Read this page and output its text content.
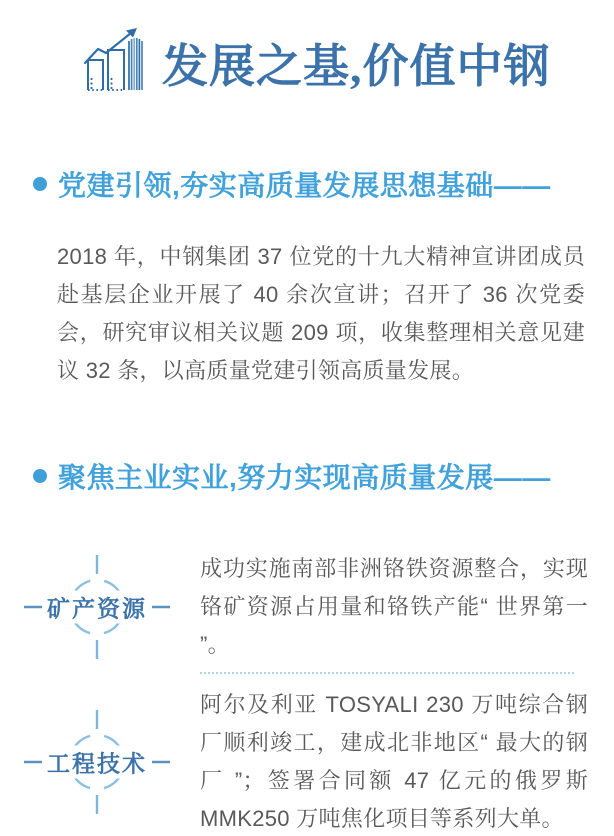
发展之基,价值中钢
党建引领,夯实高质量发展思想基础——

2018 年，中钢集团 37 位党的十九大精神宣讲团成员赴基层企业开展了 40 余次宣讲；召开了 36 次党委会，研究审议相关议题 209 项，收集整理相关意见建议 32 条，以高质量党建引领高质量发展。

聚焦主业实业,努力实现高质量发展——
矿产资源

成功实施南部非洲铬铁资源整合，实现铬矿资源占用量和铬铁产能“ 世界第一 ”。

工程技术

阿尔及利亚 TOSYALI 230 万吨综合钢厂顺利竣工，建成北非地区“ 最大的钢厂 ”；签署合同额 47 亿元的俄罗斯 MMK250 万吨焦化项目等系列大单。
